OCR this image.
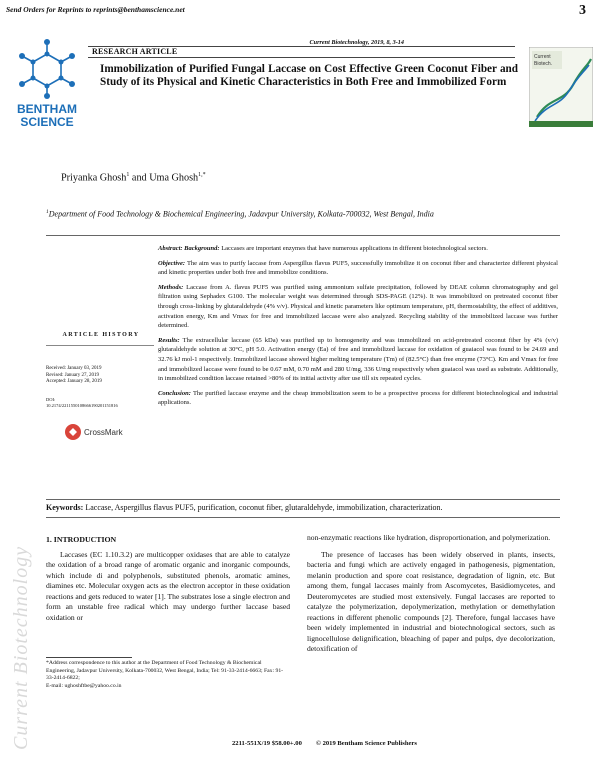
Send Orders for Reprints to reprints@benthamscience.net	3
Current Biotechnology, 2019, 8, 3-14
RESEARCH ARTICLE
BENTHAM
SCIENCE
Current
Biotech.
Immobilization of Purified Fungal Laccase on Cost Effective Green Coconut Fiber and Study of its Physical and Kinetic Characteristics in Both Free and Immobilized Form
Priyanka Ghosh$^1$ and Uma Ghosh$^{1,*}$
$^1$Department of Food Technology & Biochemical Engineering, Jadavpur University, Kolkata-700032, West Bengal, India

Abstract: Background: Laccases are important enzymes that have numerous applications in different biotechnological sectors.

Objective: The aim was to purify laccase from Aspergillus flavus PUF5, successfully immobilize it on coconut fiber and characterize different physical and kinetic properties under both free and immobilize conditions.

Methods: Laccase from A. flavus PUF5 was purified using ammonium sulfate precipitation, followed by DEAE column chromatography and gel filtration using Sephadex G100. The molecular weight was determined through SDS-PAGE (12%). It was immobilized on pretreated coconut fiber through cross-linking by glutaraldehyde (4% v/v). Physical and kinetic parameters like optimum temperature, pH, thermostability, the effect of additives, activation energy, Km and Vmax for free and immobilized laccase were also analyzed. Recycling stability of the immobilized laccase was further determined.

Results: The extracellular laccase (65 kDa) was purified up to homogeneity and was immobilized on acid-pretreated coconut fiber by 4% (v/v) glutaraldehyde solution at 30°C, pH 5.0. Activation energy (Ea) of free and immobilized laccase for oxidation of guaiacol was found to be 24.69 and 32.76 kJ mol-1 respectively. Immobilized laccase showed higher melting temperature (Tm) of (82.5°C) than free enzyme (73°C). Km and Vmax for free and immobilized laccase were found to be 0.67 mM, 0.70 mM and 280 U/mg, 336 U/mg respectively when guaiacol was used as substrate. Additionally, in immobilized condition laccase retained >80% of its initial activity after use till six repeated cycles.

Conclusion: The purified laccase enzyme and the cheap immobilization seem to be a prospective process for different biotechnological and industrial applications.

ARTICLE HISTORY
Received: January 03, 2019
Revised: January 27, 2019
Accepted: January 28, 2019
DOI:
10.2174/2211550108666190201151816
CrossMark
Keywords: Laccase, Aspergillus flavus PUF5, purification, coconut fiber, glutaraldehyde, immobilization, characterization.
Current Biotechnology
1. INTRODUCTION

Laccases (EC 1.10.3.2) are multicopper oxidases that are able to catalyze the oxidation of a broad range of aromatic organic and inorganic compounds, which include di and polyphenols, substituted phenols, aromatic amines, diamines etc. Molecular oxygen acts as the electron acceptor in these oxidation reactions and gets reduced to water [1]. The substrates lose a single electron and form an unstable free radical which may undergo further laccase based oxidation or

non-enzymatic reactions like hydration, disproportionation, and polymerization.

The presence of laccases has been widely observed in plants, insects, bacteria and fungi which are actively engaged in pathogenesis, pigmentation, melanin production and spore coat resistance, degradation of lignin, etc. But among them, fungal laccases mainly from Ascomycetes, Basidiomycetes, and Deuteromycetes are studied most extensively. Fungal laccases are reported to catalyze the polymerization, depolymerization, methylation or demethylation reactions in different phenolic compounds [2]. Therefore, fungal laccases have been widely implemented in industrial and biotechnological sectors, such as lignocellulose delignification, bleaching of paper and pulps, dye decolorization, detoxification of

*Address correspondence to this author at the Department of Food Technology & Biochemical Engineering, Jadavpur University, Kolkata-700032, West Bengal, India; Tel: 91-33-2414-6663; Fax: 91-33-2414-6822;
E-mail: ughoshftbe@yahoo.co.in
2211-551X/19 $58.00+.00 © 2019 Bentham Science Publishers
